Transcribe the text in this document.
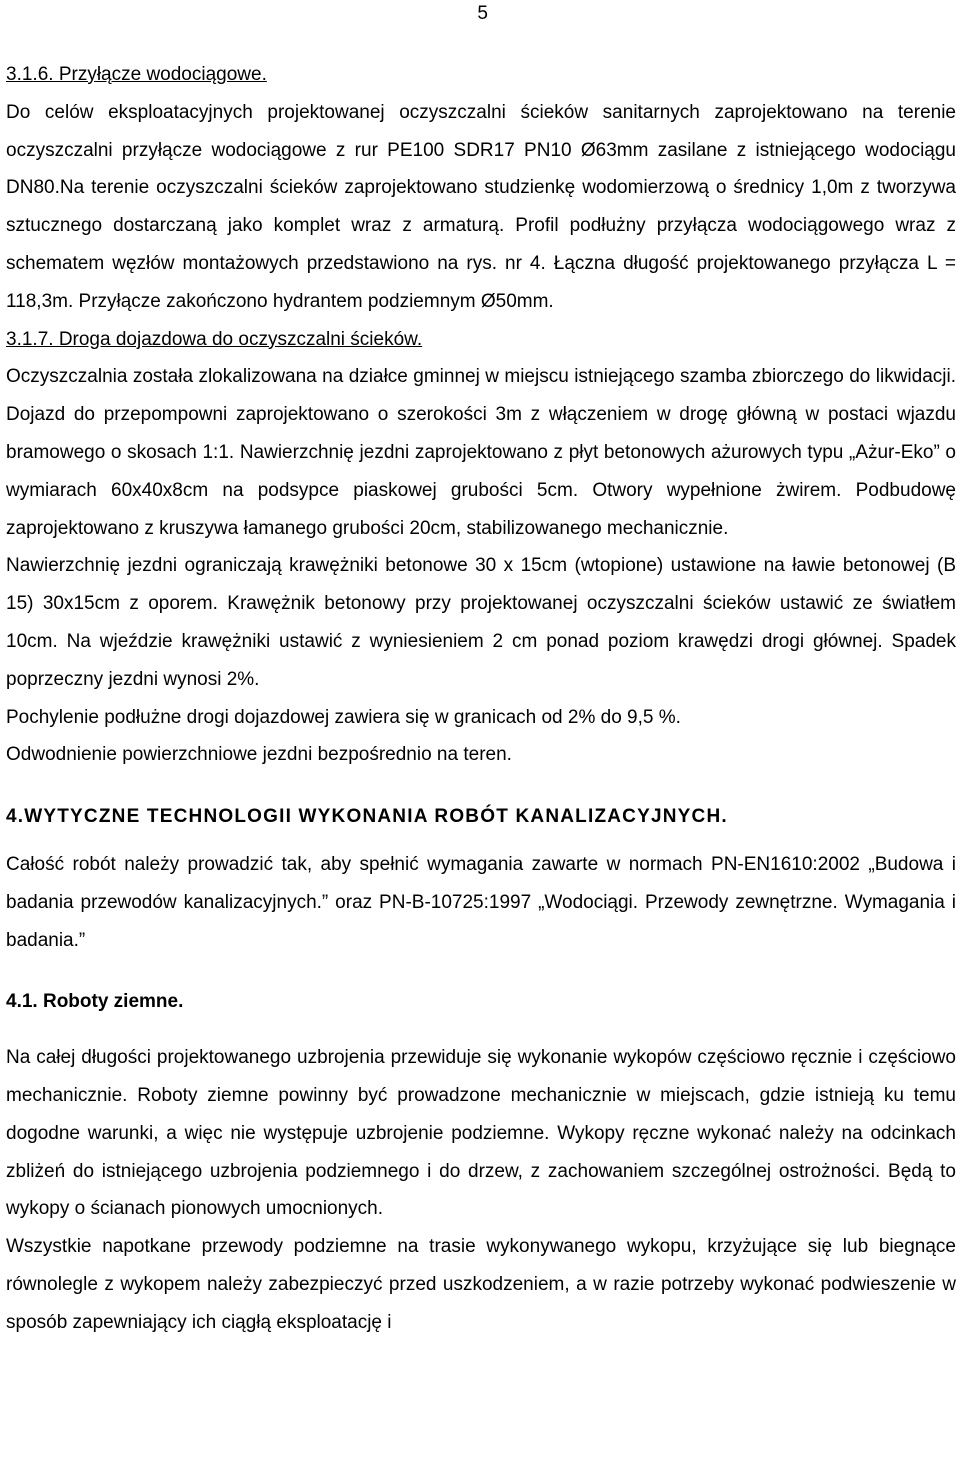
5

3.1.6. Przyłącze wodociągowe.

Do celów eksploatacyjnych projektowanej oczyszczalni ścieków sanitarnych zaprojektowano na terenie oczyszczalni przyłącze wodociągowe z rur PE100 SDR17 PN10 Ø63mm zasilane z istniejącego wodociągu DN80.Na terenie oczyszczalni ścieków zaprojektowano studzienkę wodomierzową o średnicy 1,0m z tworzywa sztucznego dostarczaną jako komplet wraz z armaturą. Profil podłużny przyłącza wodociągowego wraz z schematem węzłów montażowych przedstawiono na rys. nr 4. Łączna długość projektowanego przyłącza L = 118,3m. Przyłącze zakończono hydrantem podziemnym Ø50mm.

3.1.7. Droga dojazdowa do oczyszczalni ścieków.

Oczyszczalnia została zlokalizowana na działce gminnej w miejscu istniejącego szamba zbiorczego do likwidacji. Dojazd do przepompowni zaprojektowano o szerokości 3m z włączeniem w drogę główną w postaci wjazdu bramowego o skosach 1:1. Nawierzchnię jezdni zaprojektowano z płyt betonowych ażurowych typu „Ażur-Eko” o wymiarach 60x40x8cm na podsypce piaskowej grubości 5cm. Otwory wypełnione żwirem. Podbudowę zaprojektowano z kruszywa łamanego grubości 20cm, stabilizowanego mechanicznie.

Nawierzchnię jezdni ograniczają krawężniki betonowe 30 x 15cm (wtopione) ustawione na ławie betonowej (B 15) 30x15cm z oporem. Krawężnik betonowy przy projektowanej oczyszczalni ścieków ustawić ze światłem 10cm. Na wjeździe krawężniki ustawić z wyniesieniem 2 cm ponad poziom krawędzi drogi głównej. Spadek poprzeczny jezdni wynosi 2%.

Pochylenie podłużne drogi dojazdowej zawiera się w granicach od 2% do 9,5 %.

Odwodnienie powierzchniowe jezdni bezpośrednio na teren.

4.WYTYCZNE TECHNOLOGII WYKONANIA ROBÓT KANALIZACYJNYCH.

Całość robót należy prowadzić tak, aby spełnić wymagania zawarte w normach PN-EN1610:2002 „Budowa i badania przewodów kanalizacyjnych.” oraz PN-B-10725:1997 „Wodociągi. Przewody zewnętrzne. Wymagania i badania.”

4.1. Roboty ziemne.

Na całej długości projektowanego uzbrojenia przewiduje się wykonanie wykopów częściowo ręcznie i częściowo mechanicznie. Roboty ziemne powinny być prowadzone mechanicznie w miejscach, gdzie istnieją ku temu dogodne warunki, a więc nie występuje uzbrojenie podziemne. Wykopy ręczne wykonać należy na odcinkach zbliżeń do istniejącego uzbrojenia podziemnego i do drzew, z zachowaniem szczególnej ostrożności. Będą to wykopy o ścianach pionowych umocnionych.

Wszystkie napotkane przewody podziemne na trasie wykonywanego wykopu, krzyżujące się lub biegnące równolegle z wykopem należy zabezpieczyć przed uszkodzeniem, a w razie potrzeby wykonać podwieszenie w sposób zapewniający ich ciągłą eksploatację i
